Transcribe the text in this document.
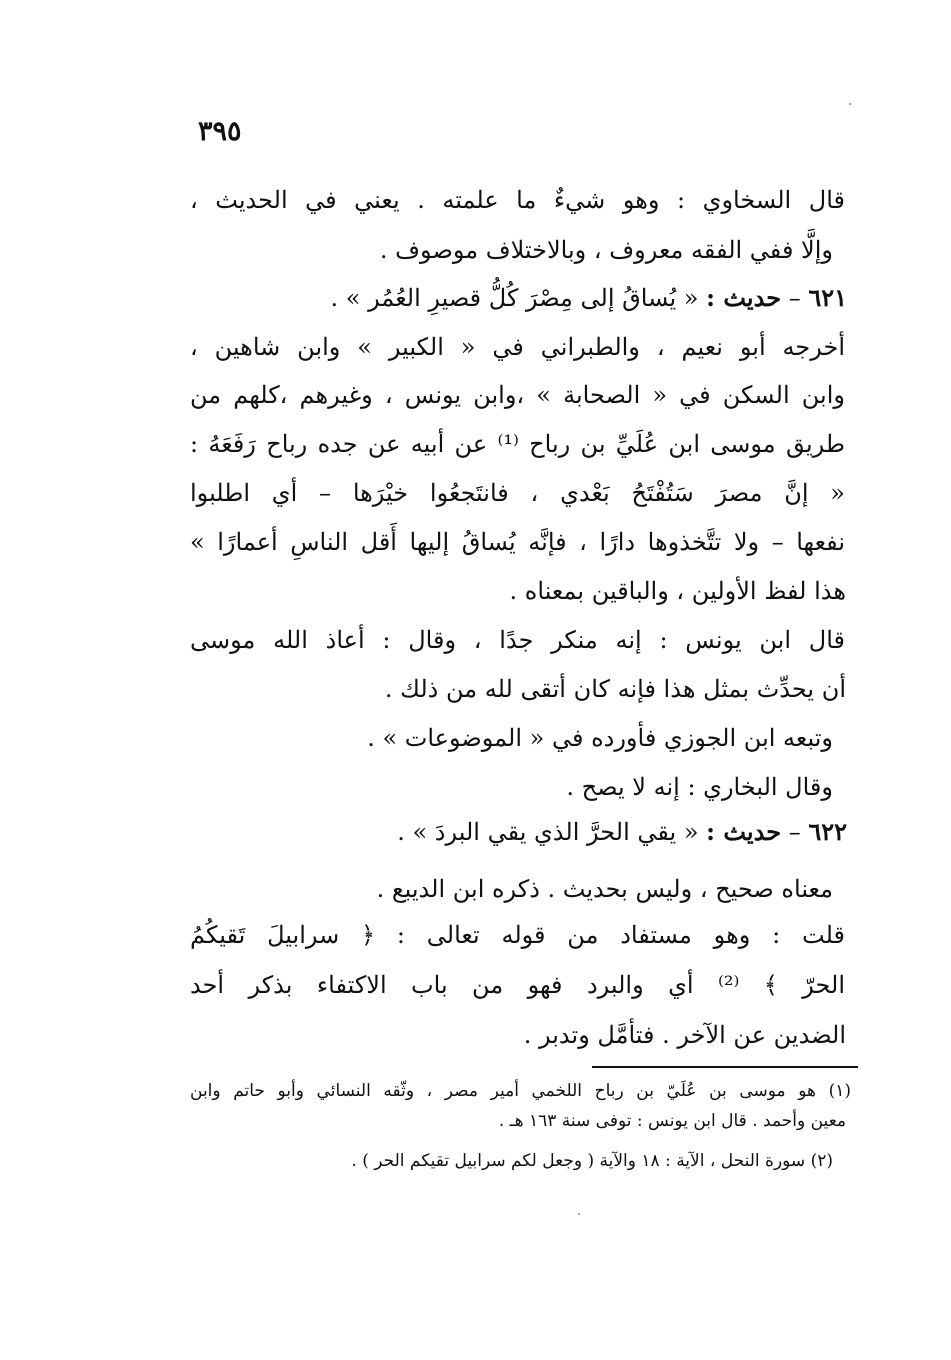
٣٩٥
قال السخاوي : وهو شيءٌ ما علمته . يعني في الحديث ،
وإلَّا ففي الفقه معروف ، وبالاختلاف موصوف .
٦٢١ – حديث : « يُساقُ إلى مِصْرَ كُلُّ قصيرِ العُمُر » .
أخرجه أبو نعيم ، والطبراني في « الكبير » وابن شاهين ،
وابن السكن في « الصحابة » ،وابن يونس ، وغيرهم ،كلهم من
طريق موسى ابن عُلَيِّ بن رباح ⁽¹⁾ عن أبيه عن جده رباح رَفَعَهُ :
« إنَّ مصرَ سَتُفْتَحُ بَعْدي ، فانتَجعُوا خيْرَها – أي اطلبوا
نفعها – ولا تتَّخذوها دارًا ، فإنَّه يُساقُ إليها أَقل الناسِ أعمارًا »
هذا لفظ الأولين ، والباقين بمعناه .
قال ابن يونس : إنه منكر جدًا ، وقال : أعاذ الله موسى
أن يحدِّث بمثل هذا فإنه كان أتقى لله من ذلك .
وتبعه ابن الجوزي فأورده في « الموضوعات » .
وقال البخاري : إنه لا يصح .
٦٢٢ – حديث : « يقي الحرَّ الذي يقي البردَ » .
معناه صحيح ، وليس بحديث . ذكره ابن الديبع .
قلت : وهو مستفاد من قوله تعالى : ﴿ سرابيلَ تَقيكُمُ
الحرّ ﴾ ⁽²⁾ أي والبرد فهو من باب الاكتفاء بذكر أحد
الضدين عن الآخر . فتأمَّل وتدبر .
(١) هو موسى بن عُلَيّ بن رباح اللخمي أمير مصر ، وثّقه النسائي وأبو حاتم وابن
معين وأحمد . قال ابن يونس : توفى سنة ١٦٣ هـ .
(٢) سورة النحل ، الآية : ١٨ والآية ( وجعل لكم سرابيل تقيكم الحر ) .
